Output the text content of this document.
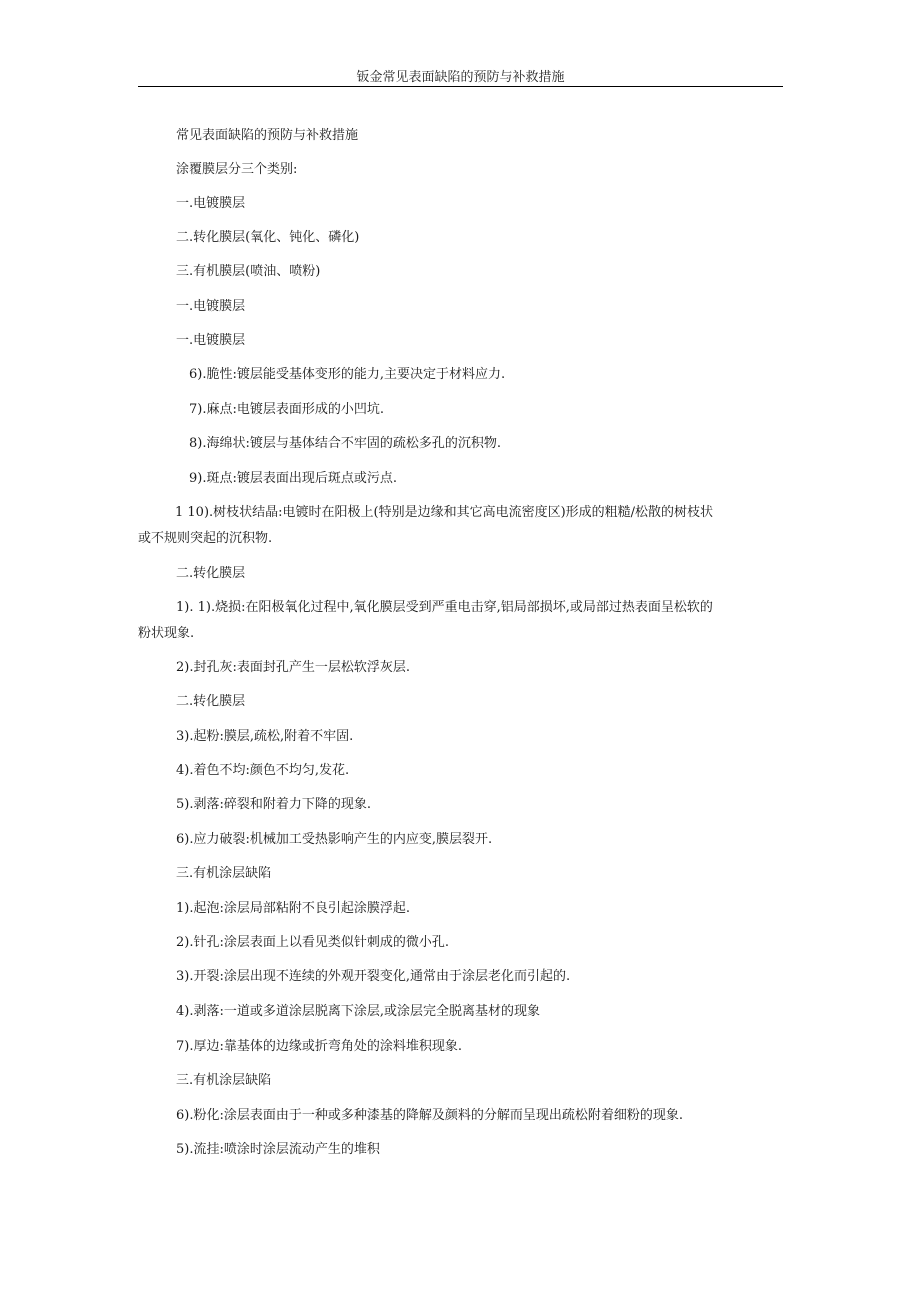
钣金常见表面缺陷的预防与补救措施
常见表面缺陷的预防与补救措施
涂覆膜层分三个类别:
一.电镀膜层
二.转化膜层(氧化、钝化、磷化)
三.有机膜层(喷油、喷粉)
一.电镀膜层
一.电镀膜层
6).脆性:镀层能受基体变形的能力,主要决定于材料应力.
7).麻点:电镀层表面形成的小凹坑.
8).海绵状:镀层与基体结合不牢固的疏松多孔的沉积物.
9).斑点:镀层表面出现后斑点或污点.
1 10).树枝状结晶:电镀时在阳极上(特别是边缘和其它高电流密度区)形成的粗糙/松散的树枝状
或不规则突起的沉积物.
二.转化膜层
1). 1).烧损:在阳极氧化过程中,氧化膜层受到严重电击穿,铝局部损坏,或局部过热表面呈松软的
粉状现象.
2).封孔灰:表面封孔产生一层松软浮灰层.
二.转化膜层
3).起粉:膜层,疏松,附着不牢固.
4).着色不均:颜色不均匀,发花.
5).剥落:碎裂和附着力下降的现象.
6).应力破裂:机械加工受热影响产生的内应变,膜层裂开.
三.有机涂层缺陷
1).起泡:涂层局部粘附不良引起涂膜浮起.
2).针孔:涂层表面上以看见类似针刺成的微小孔.
3).开裂:涂层出现不连续的外观开裂变化,通常由于涂层老化而引起的.
4).剥落:一道或多道涂层脱离下涂层,或涂层完全脱离基材的现象
7).厚边:靠基体的边缘或折弯角处的涂料堆积现象.
三.有机涂层缺陷
6).粉化:涂层表面由于一种或多种漆基的降解及颜料的分解而呈现出疏松附着细粉的现象.
5).流挂:喷涂时涂层流动产生的堆积
